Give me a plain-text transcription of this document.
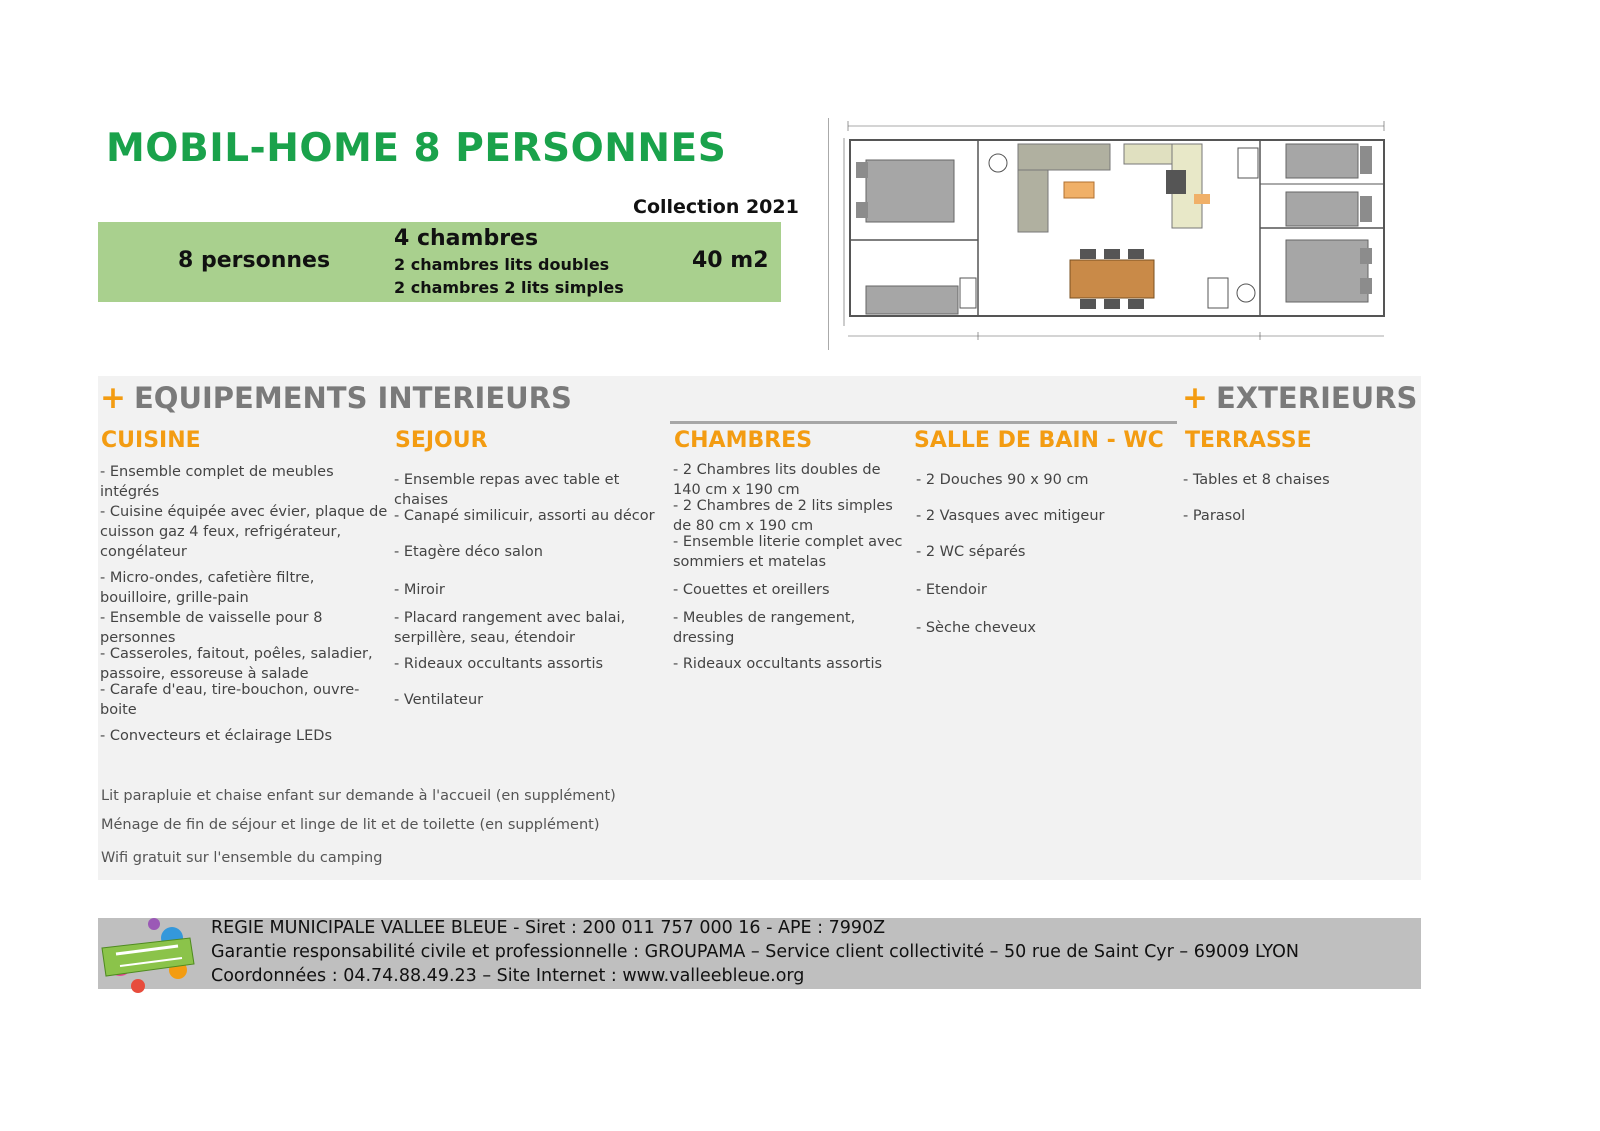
MOBIL-HOME 8 PERSONNES
Collection 2021
8 personnes
4 chambres
2 chambres lits doubles
2 chambres 2 lits simples
40 m2
+ EQUIPEMENTS INTERIEURS	+ EXTERIEURS
CUISINE	SEJOUR	CHAMBRES	SALLE DE BAIN - WC TERRASSE
- Ensemble complet de meubles intégrés
- Cuisine équipée avec évier, plaque de cuisson gaz 4 feux, refrigérateur, congélateur
- Micro-ondes, cafetière filtre, bouilloire, grille-pain
- Ensemble de vaisselle pour 8 personnes
- Casseroles, faitout, poêles, saladier, passoire, essoreuse à salade
- Carafe d'eau, tire-bouchon, ouvre-boite
- Convecteurs et éclairage LEDs
- Ensemble repas avec table et chaises
- Canapé similicuir, assorti au décor
- Etagère déco salon
- Miroir
- Placard rangement avec balai, serpillère, seau, étendoir
- Rideaux occultants assortis
- Ventilateur
- 2 Chambres lits doubles de 140 cm x 190 cm
- 2 Chambres de 2 lits simples de 80 cm x 190 cm
- Ensemble literie complet avec sommiers et matelas
- Couettes et oreillers
- Meubles de rangement, dressing
- Rideaux occultants assortis
- 2 Douches 90 x 90 cm
- 2 Vasques avec mitigeur
- 2 WC séparés
- Etendoir
- Sèche cheveux
- Tables et 8 chaises
- Parasol
Lit parapluie et chaise enfant sur demande à l'accueil (en supplément)
Ménage de fin de séjour et linge de lit et de toilette (en supplément)
Wifi gratuit sur l'ensemble du camping
REGIE MUNICIPALE VALLEE BLEUE - Siret : 200 011 757 000 16 - APE : 7990Z
Garantie responsabilité civile et professionnelle : GROUPAMA – Service client collectivité – 50 rue de Saint Cyr – 69009 LYON
Coordonnées : 04.74.88.49.23 – Site Internet : www.valleebleue.org
